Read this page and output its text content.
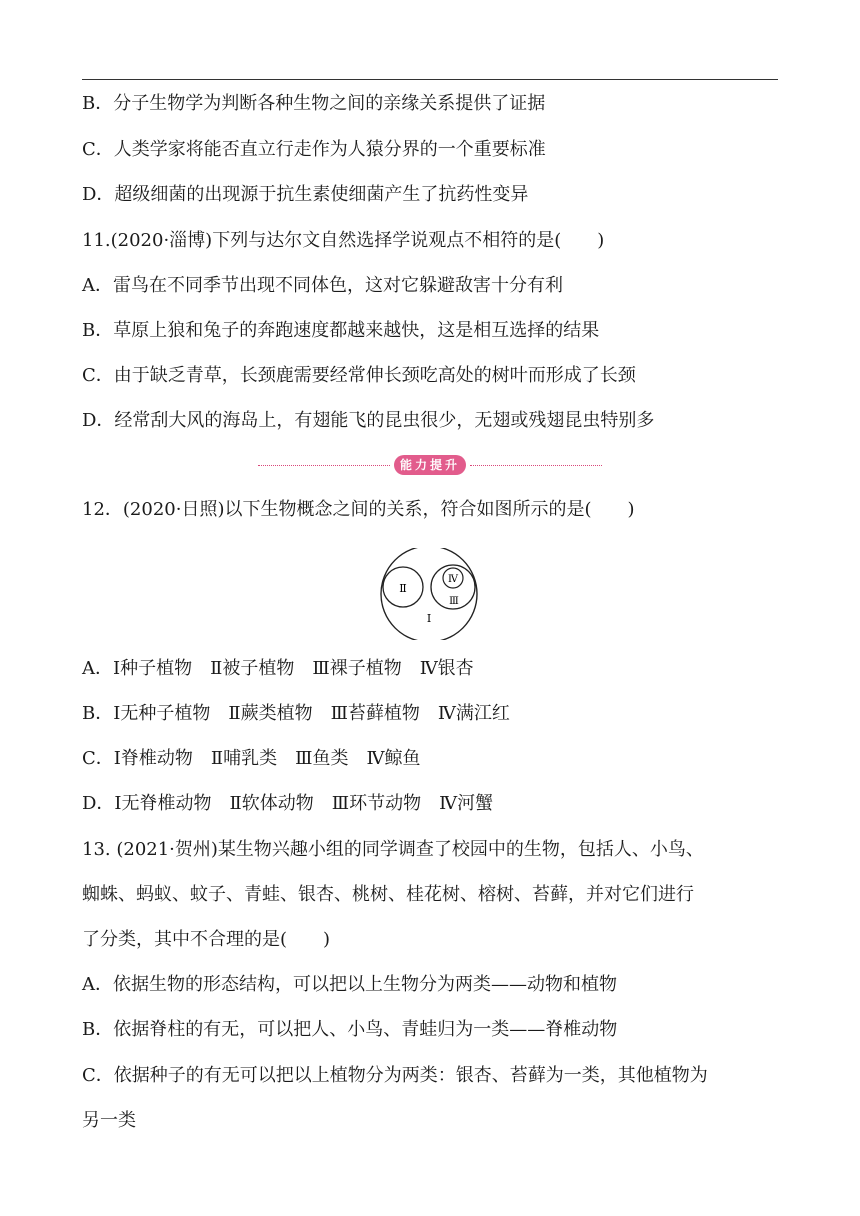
B．分子生物学为判断各种生物之间的亲缘关系提供了证据
C．人类学家将能否直立行走作为人猿分界的一个重要标准
D．超级细菌的出现源于抗生素使细菌产生了抗药性变异
11.(2020·淄博)下列与达尔文自然选择学说观点不相符的是(　　)
A．雷鸟在不同季节出现不同体色，这对它躲避敌害十分有利
B．草原上狼和兔子的奔跑速度都越来越快，这是相互选择的结果
C．由于缺乏青草，长颈鹿需要经常伸长颈吃高处的树叶而形成了长颈
D．经常刮大风的海岛上，有翅能飞的昆虫很少，无翅或残翅昆虫特别多
能力提升
12．(2020·日照)以下生物概念之间的关系，符合如图所示的是(　　)
Ⅱ
Ⅳ
Ⅲ
Ⅰ
A．Ⅰ种子植物　Ⅱ被子植物　Ⅲ裸子植物　Ⅳ银杏
B．Ⅰ无种子植物　Ⅱ蕨类植物　Ⅲ苔藓植物　Ⅳ满江红
C．Ⅰ脊椎动物　Ⅱ哺乳类　Ⅲ鱼类　Ⅳ鲸鱼
D．Ⅰ无脊椎动物　Ⅱ软体动物　Ⅲ环节动物　Ⅳ河蟹
13. (2021·贺州)某生物兴趣小组的同学调查了校园中的生物，包括人、小鸟、
蜘蛛、蚂蚁、蚊子、青蛙、银杏、桃树、桂花树、榕树、苔藓，并对它们进行
了分类，其中不合理的是(　　)
A．依据生物的形态结构，可以把以上生物分为两类——动物和植物
B．依据脊柱的有无，可以把人、小鸟、青蛙归为一类——脊椎动物
C．依据种子的有无可以把以上植物分为两类：银杏、苔藓为一类，其他植物为
另一类
